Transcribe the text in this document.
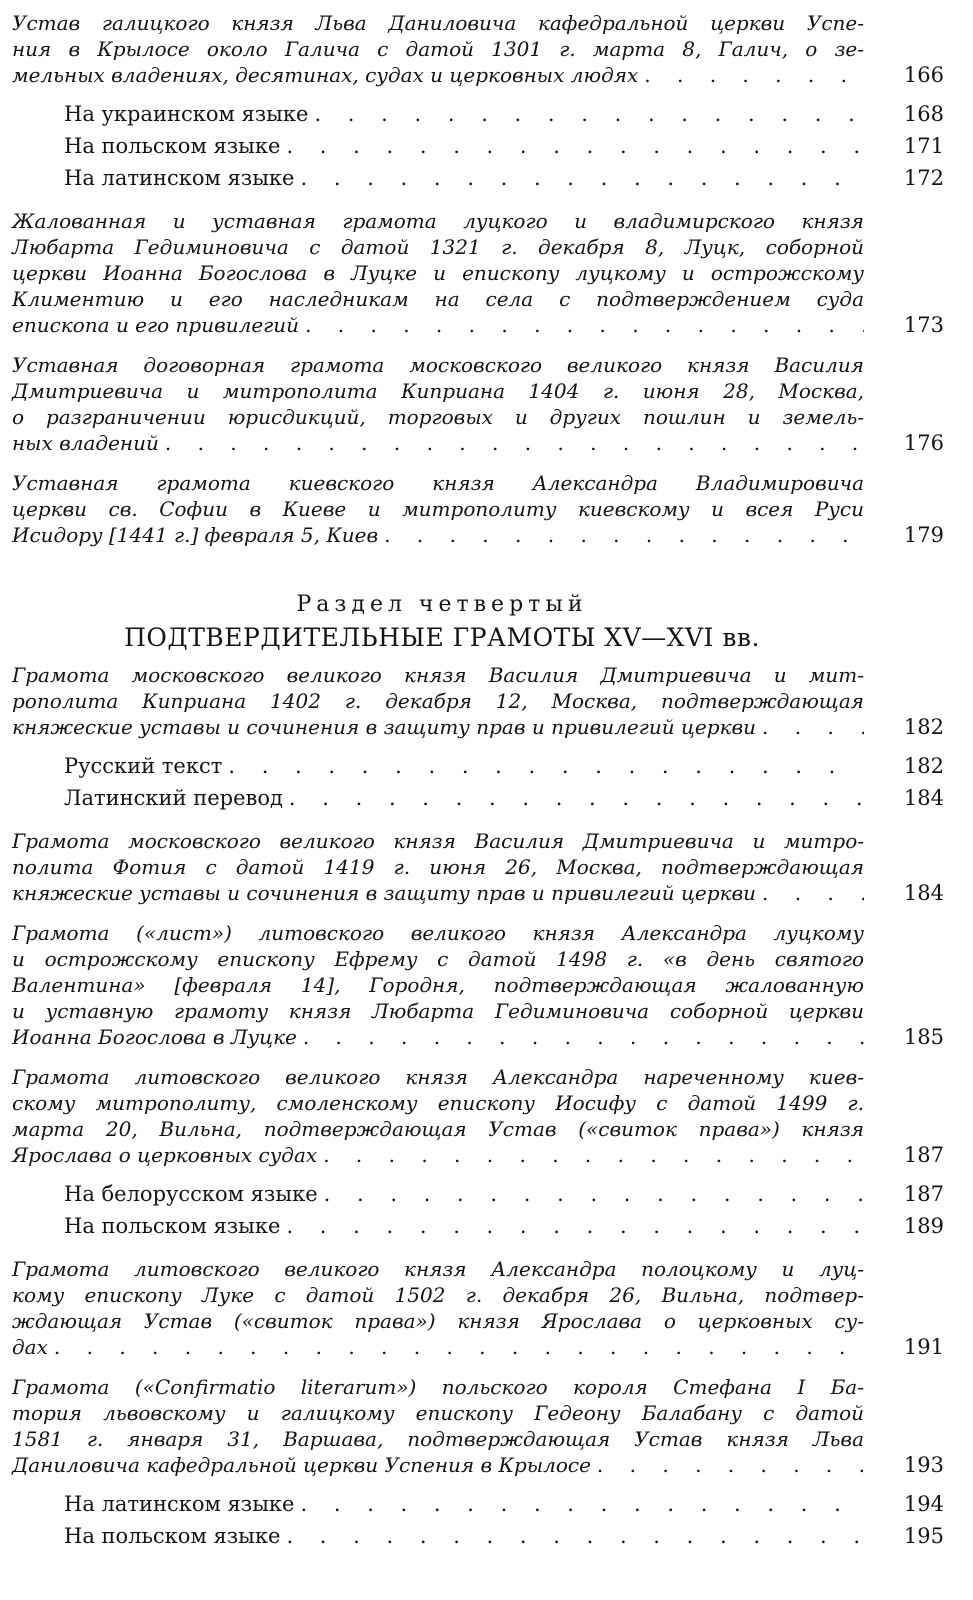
Устав галицкого князя Льва Даниловича кафедральной церкви Успе-
ния в Крылосе около Галича с датой 1301 г. марта 8, Галич, о зе-
мельных владениях, десятинах, судах и церковных людях . . .	166
На украинском языке . . .	168
На польском языке . . .	171
На латинском языке . . .	172
Жалованная и уставная грамота луцкого и владимирского князя
Любарта Гедиминовича с датой 1321 г. декабря 8, Луцк, соборной
церкви Иоанна Богослова в Луцке и епископу луцкому и острожскому
Климентию и его наследникам на села с подтверждением суда
епископа и его привилегий . . .	173
Уставная договорная грамота московского великого князя Василия
Дмитриевича и митрополита Киприана 1404 г. июня 28, Москва,
о разграничении юрисдикций, торговых и других пошлин и земель-
ных владений . . .	176
Уставная грамота киевского князя Александра Владимировича
церкви св. Софии в Киеве и митрополиту киевскому и всея Руси
Исидору [1441 г.] февраля 5, Киев . . .	179
Раздел четвертый
ПОДТВЕРДИТЕЛЬНЫЕ ГРАМОТЫ XV—XVI вв.
Грамота московского великого князя Василия Дмитриевича и мит-
рополита Киприана 1402 г. декабря 12, Москва, подтверждающая
княжеские уставы и сочинения в защиту прав и привилегий церкви . . .	182
Русский текст . . .	182
Латинский перевод . . .	184
Грамота московского великого князя Василия Дмитриевича и митро-
полита Фотия с датой 1419 г. июня 26, Москва, подтверждающая
княжеские уставы и сочинения в защиту прав и привилегий церкви . . .	184
Грамота («лист») литовского великого князя Александра луцкому
и острожскому епископу Ефрему с датой 1498 г. «в день святого
Валентина» [февраля 14], Городня, подтверждающая жалованную
и уставную грамоту князя Любарта Гедиминовича соборной церкви
Иоанна Богослова в Луцке . . .	185
Грамота литовского великого князя Александра нареченному киев-
скому митрополиту, смоленскому епископу Иосифу с датой 1499 г.
марта 20, Вильна, подтверждающая Устав («свиток права») князя
Ярослава о церковных судах . . .	187
На белорусском языке . . .	187
На польском языке . . .	189
Грамота литовского великого князя Александра полоцкому и луц-
кому епископу Луке с датой 1502 г. декабря 26, Вильна, подтвер-
ждающая Устав («свиток права») князя Ярослава о церковных су-
дах . . .	191
Грамота («Confirmatio literarum») польского короля Стефана I Ба-
тория львовскому и галицкому епископу Гедеону Балабану с датой
1581 г. января 31, Варшава, подтверждающая Устав князя Льва
Даниловича кафедральной церкви Успения в Крылосе . . .	193
На латинском языке . . .	194
На польском языке . . .	195
